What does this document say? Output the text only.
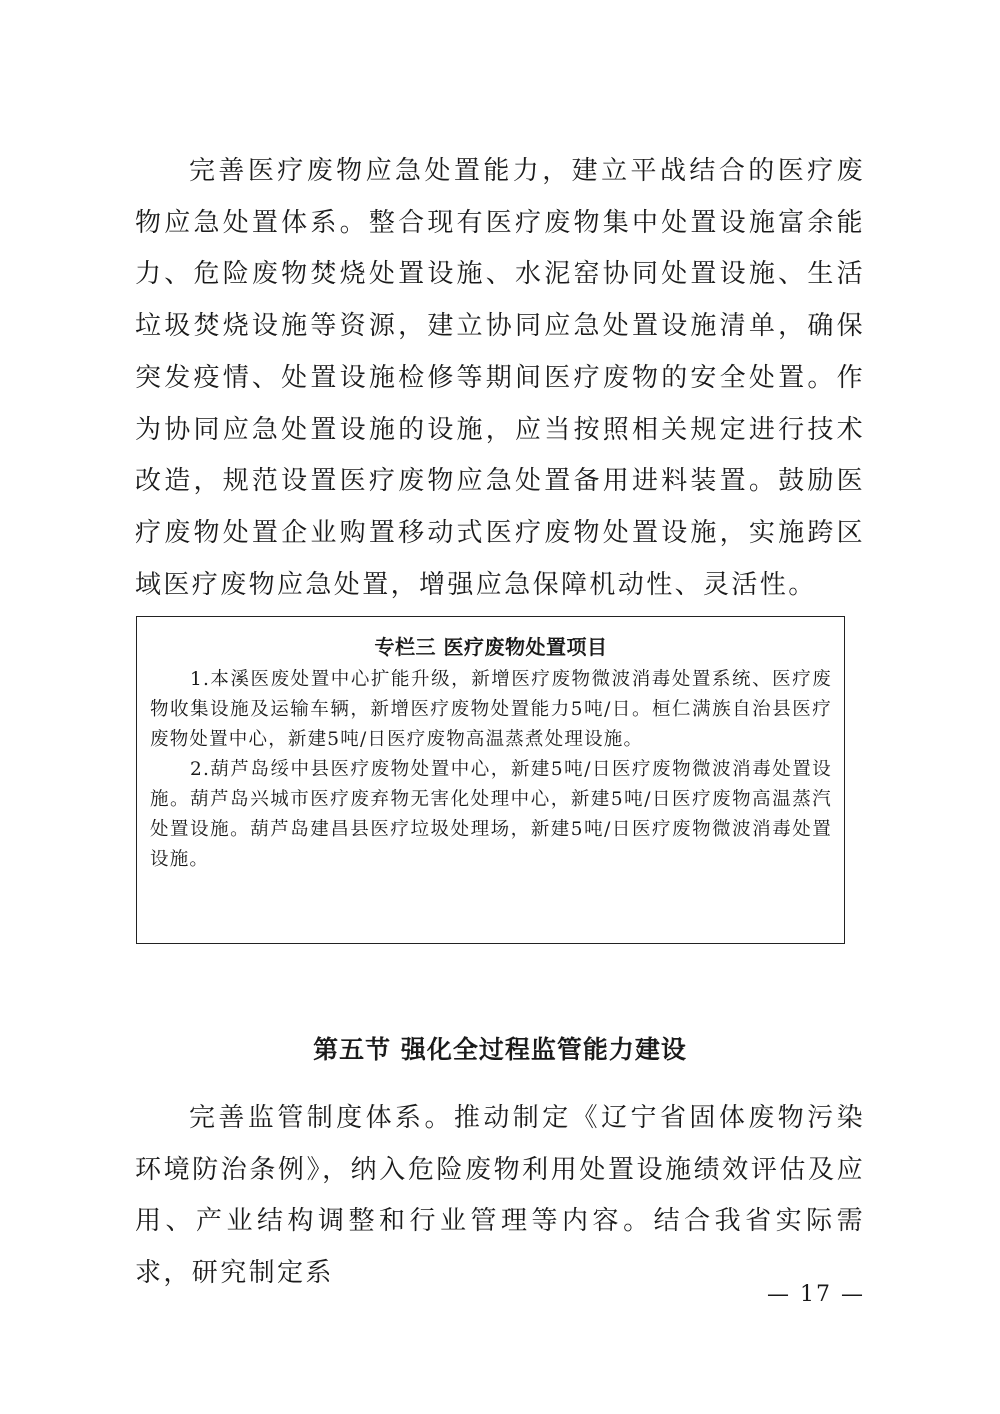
完善医疗废物应急处置能力，建立平战结合的医疗废物应急处置体系。整合现有医疗废物集中处置设施富余能力、危险废物焚烧处置设施、水泥窑协同处置设施、生活垃圾焚烧设施等资源，建立协同应急处置设施清单，确保突发疫情、处置设施检修等期间医疗废物的安全处置。作为协同应急处置设施的设施，应当按照相关规定进行技术改造，规范设置医疗废物应急处置备用进料装置。鼓励医疗废物处置企业购置移动式医疗废物处置设施，实施跨区域医疗废物应急处置，增强应急保障机动性、灵活性。

专栏三 医疗废物处置项目

1.本溪医废处置中心扩能升级，新增医疗废物微波消毒处置系统、医疗废物收集设施及运输车辆，新增医疗废物处置能力5吨/日。桓仁满族自治县医疗废物处置中心，新建5吨/日医疗废物高温蒸煮处理设施。

2.葫芦岛绥中县医疗废物处置中心，新建5吨/日医疗废物微波消毒处置设施。葫芦岛兴城市医疗废弃物无害化处理中心，新建5吨/日医疗废物高温蒸汽处置设施。葫芦岛建昌县医疗垃圾处理场，新建5吨/日医疗废物微波消毒处置设施。

第五节 强化全过程监管能力建设

完善监管制度体系。推动制定《辽宁省固体废物污染环境防治条例》，纳入危险废物利用处置设施绩效评估及应用、产业结构调整和行业管理等内容。结合我省实际需求，研究制定系

— 17 —
